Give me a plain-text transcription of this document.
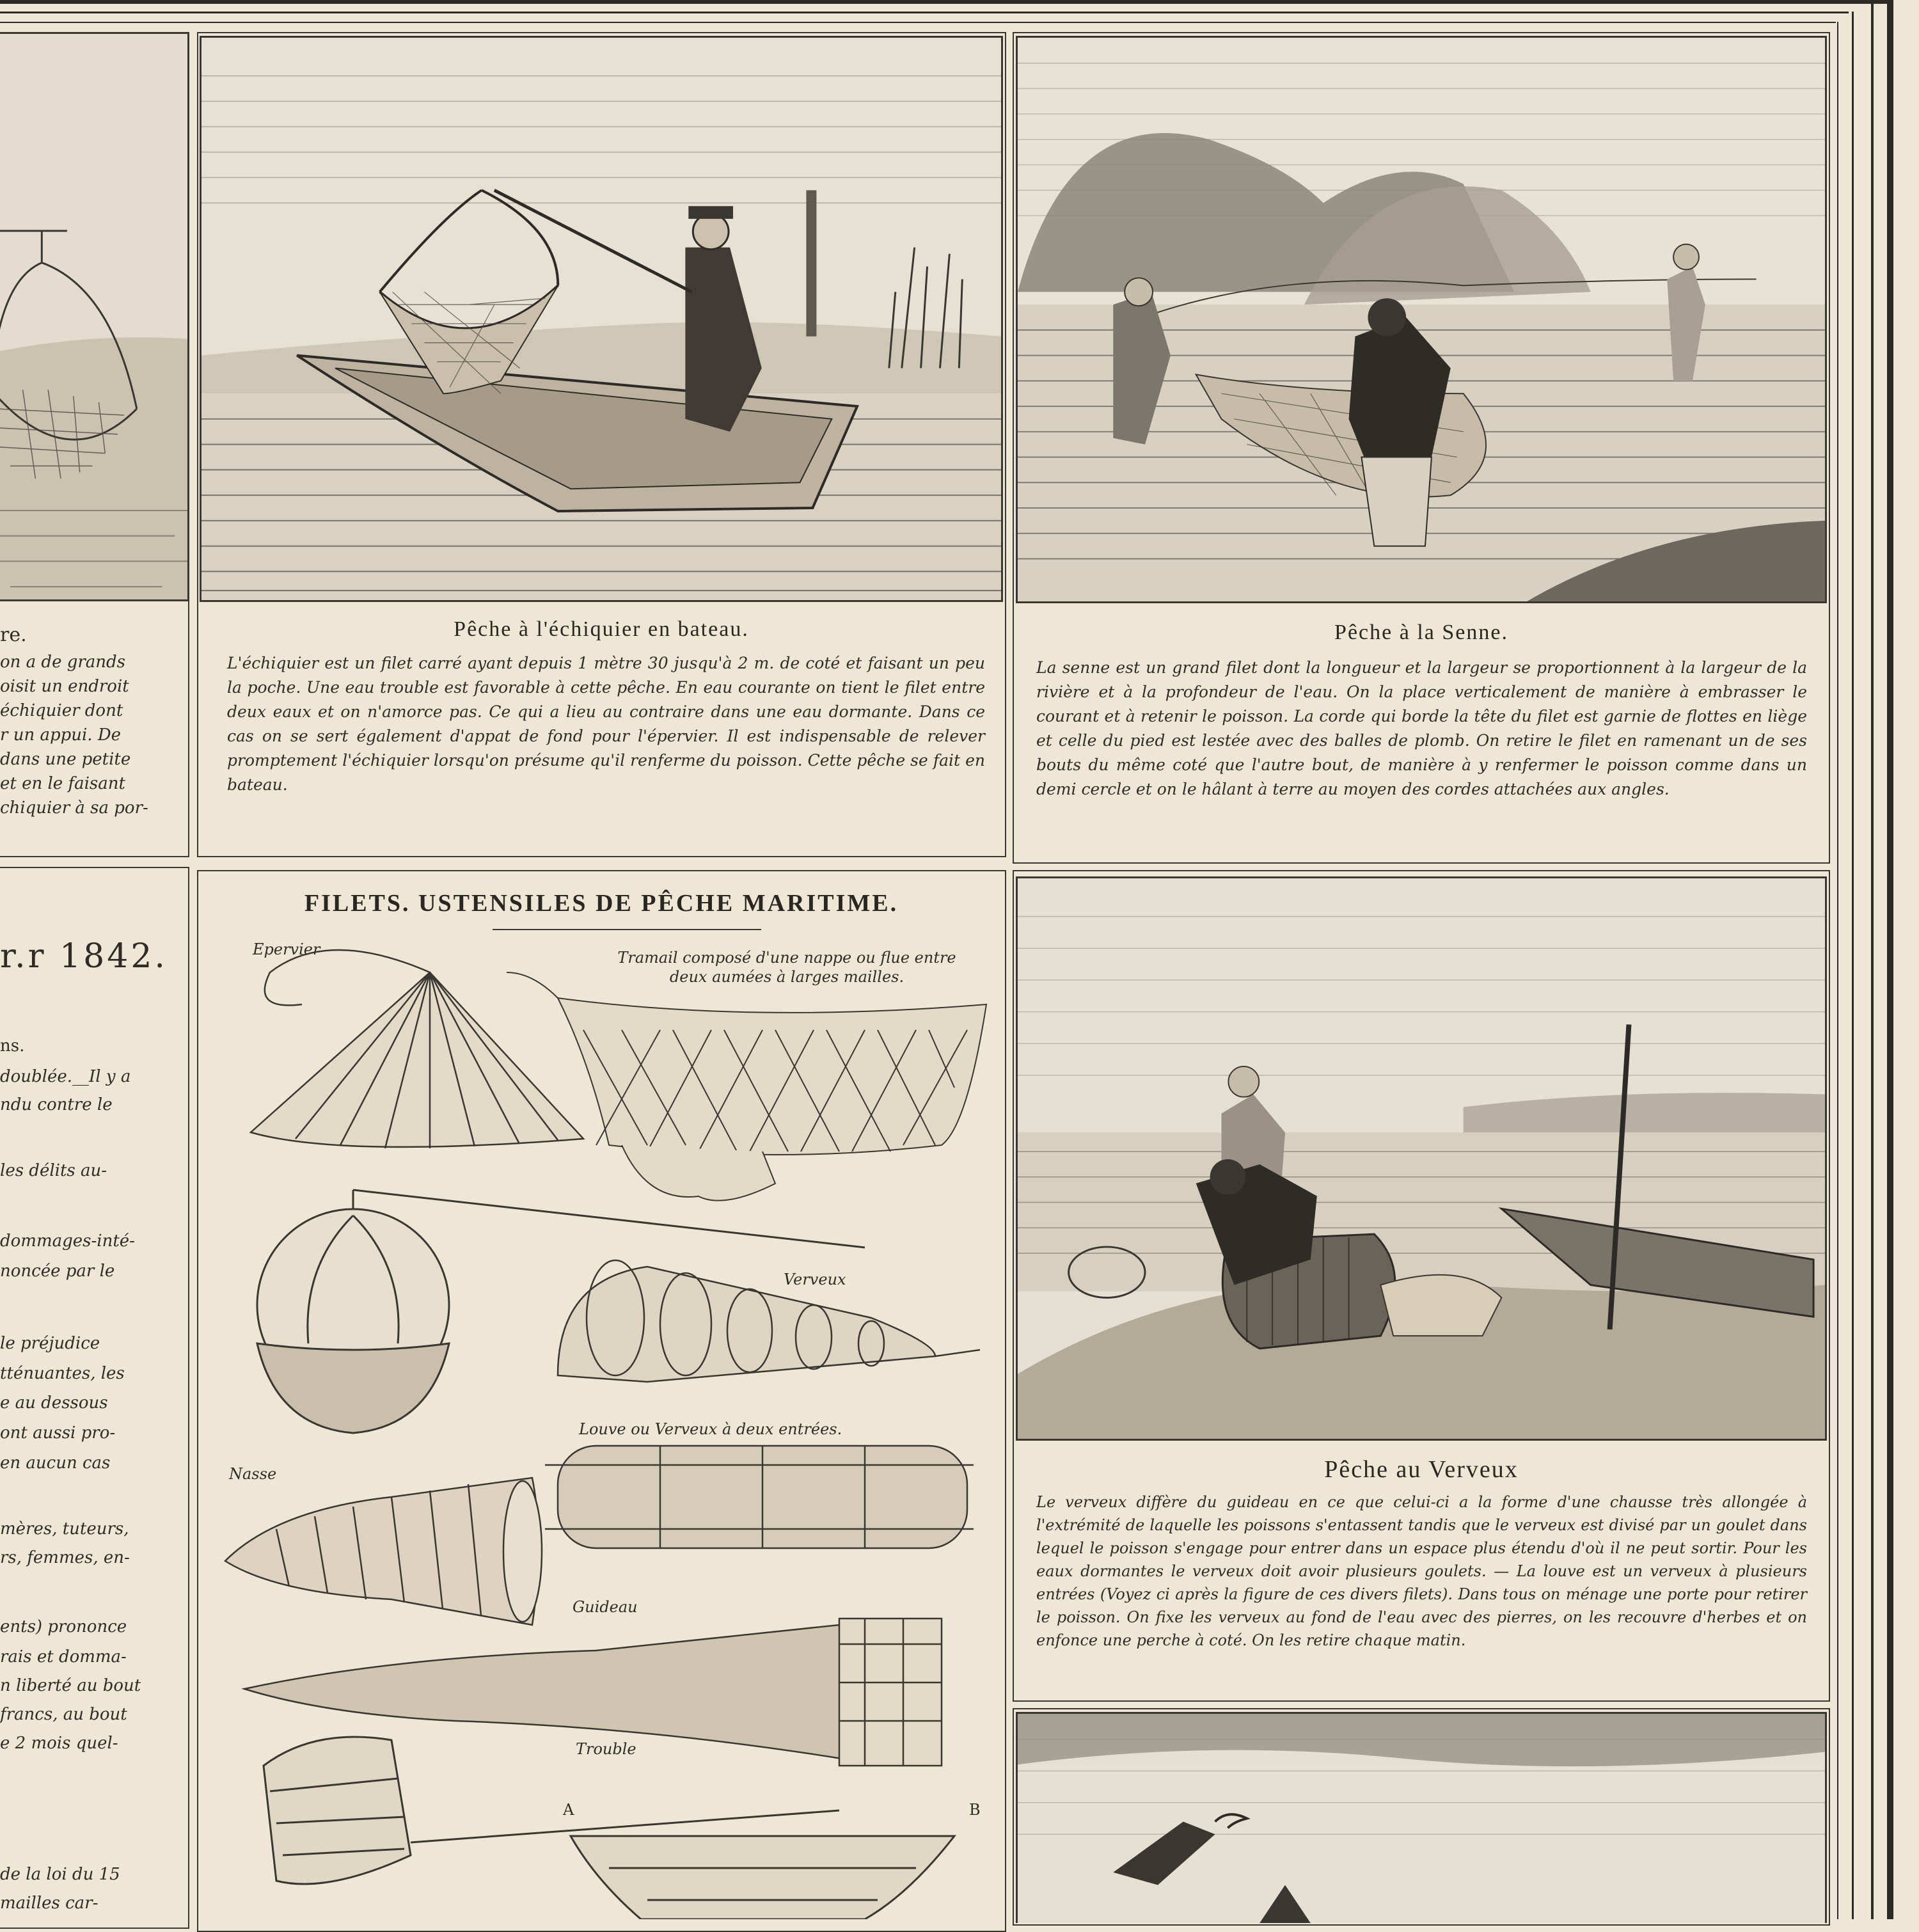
re.
on a de grands
oisit un endroit
échiquier dont
r un appui. De
dans une petite
et en le faisant
chiquier à sa por-
r.r 1842.
ns.
doublée.__Il y a
ndu contre le
les délits au-
dommages-inté-
noncée par le
le préjudice
tténuantes, les
e au dessous
ont aussi pro-
en aucun cas
mères, tuteurs,
rs, femmes, en-
ents) prononce
rais et domma-
n liberté au bout
francs, au bout
e 2 mois quel-
de la loi du 15
mailles car-
Pêche à l'échiquier en bateau.
L'échiquier est un filet carré ayant depuis 1 mètre 30 jusqu'à 2 m. de coté et faisant un peu la poche. Une eau trouble est favorable à cette pêche. En eau courante on tient le filet entre deux eaux et on n'amorce pas. Ce qui a lieu au contraire dans une eau dormante. Dans ce cas on se sert également d'appat de fond pour l'épervier. Il est indispensable de relever promptement l'échiquier lorsqu'on présume qu'il renferme du poisson. Cette pêche se fait en bateau.
Pêche à la Senne.
La senne est un grand filet dont la longueur et la largeur se proportionnent à la largeur de la rivière et à la profondeur de l'eau. On la place verticalement de manière à embrasser le courant et à retenir le poisson. La corde qui borde la tête du filet est garnie de flottes en liège et celle du pied est lestée avec des balles de plomb. On retire le filet en ramenant un de ses bouts du même coté que l'autre bout, de manière à y renfermer le poisson comme dans un demi cercle et on le hâlant à terre au moyen des cordes attachées aux angles.
FILETS. USTENSILES DE PÊCHE MARITIME.
Epervier	Tramail composé d'une nappe ou flue entre deux aumées à larges mailles.
Verveux
Louve ou Verveux à deux entrées.
Nasse
Guideau
Trouble
A	B
Pêche au Verveux
Le verveux diffère du guideau en ce que celui-ci a la forme d'une chausse très allongée à l'extrémité de laquelle les poissons s'entassent tandis que le verveux est divisé par un goulet dans lequel le poisson s'engage pour entrer dans un espace plus étendu d'où il ne peut sortir. Pour les eaux dormantes le verveux doit avoir plusieurs goulets. — La louve est un verveux à plusieurs entrées (Voyez ci après la figure de ces divers filets). Dans tous on ménage une porte pour retirer le poisson. On fixe les verveux au fond de l'eau avec des pierres, on les recouvre d'herbes et on enfonce une perche à coté. On les retire chaque matin.
